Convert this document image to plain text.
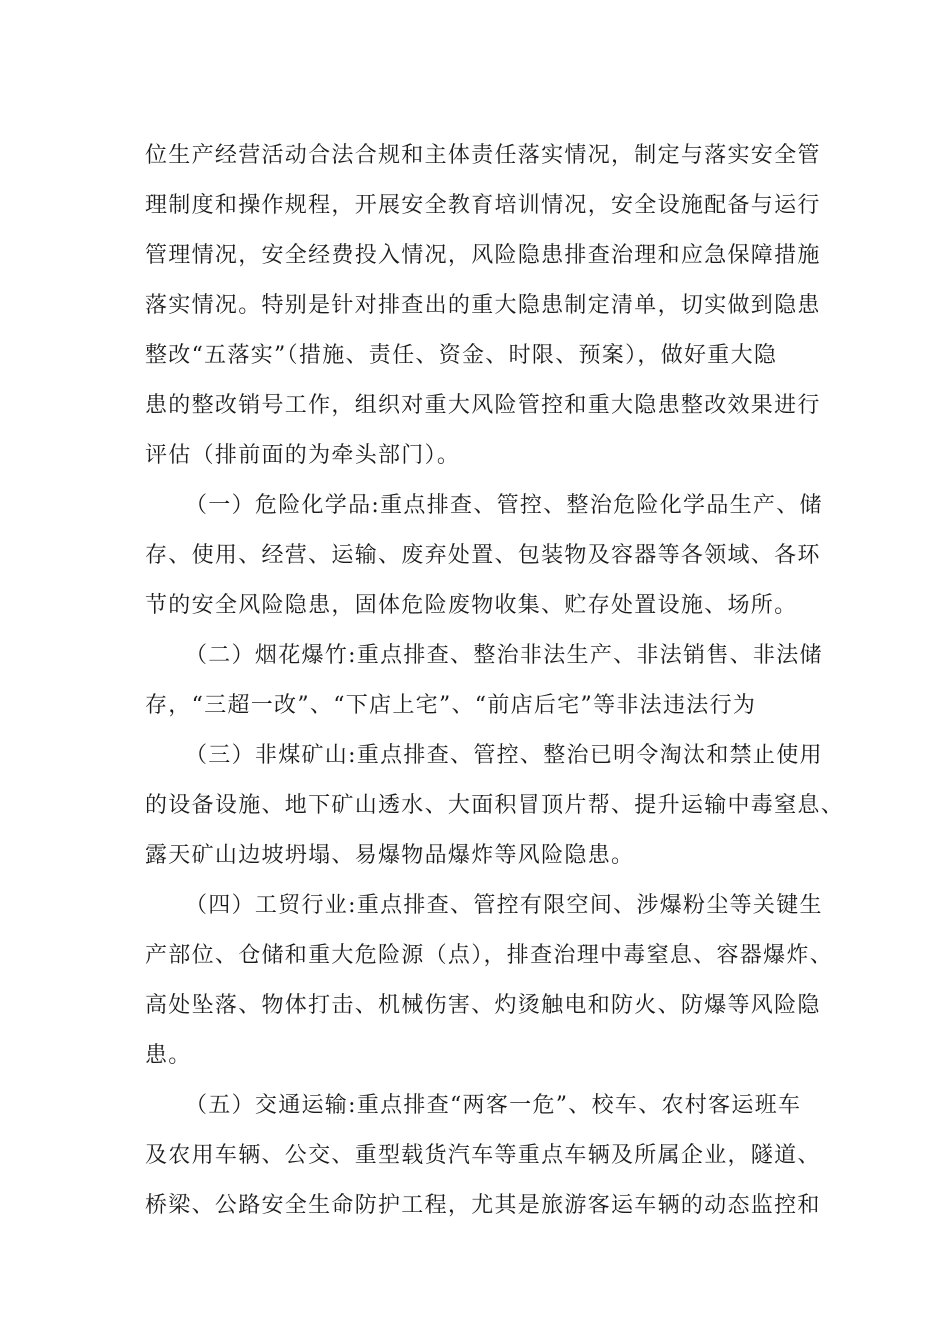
位生产经营活动合法合规和主体责任落实情况，制定与落实安全管
理制度和操作规程，开展安全教育培训情况，安全设施配备与运行
管理情况，安全经费投入情况，风险隐患排查治理和应急保障措施
落实情况。特别是针对排查出的重大隐患制定清单，切实做到隐患
整改“五落实”（措施、责任、资金、时限、预案），做好重大隐
患的整改销号工作，组织对重大风险管控和重大隐患整改效果进行
评估（排前面的为牵头部门）。
（一）危险化学品:重点排查、管控、整治危险化学品生产、储
存、使用、经营、运输、废弃处置、包装物及容器等各领域、各环
节的安全风险隐患，固体危险废物收集、贮存处置设施、场所。
（二）烟花爆竹:重点排查、整治非法生产、非法销售、非法储
存，“三超一改”、“下店上宅”、“前店后宅”等非法违法行为
（三）非煤矿山:重点排查、管控、整治已明令淘汰和禁止使用
的设备设施、地下矿山透水、大面积冒顶片帮、提升运输中毒窒息、
露天矿山边坡坍塌、易爆物品爆炸等风险隐患。
（四）工贸行业:重点排查、管控有限空间、涉爆粉尘等关键生
产部位、仓储和重大危险源（点），排查治理中毒窒息、容器爆炸、
高处坠落、物体打击、机械伤害、灼烫触电和防火、防爆等风险隐
患。
（五）交通运输:重点排查“两客一危”、校车、农村客运班车
及农用车辆、公交、重型载货汽车等重点车辆及所属企业，隧道、
桥梁、公路安全生命防护工程，尤其是旅游客运车辆的动态监控和
